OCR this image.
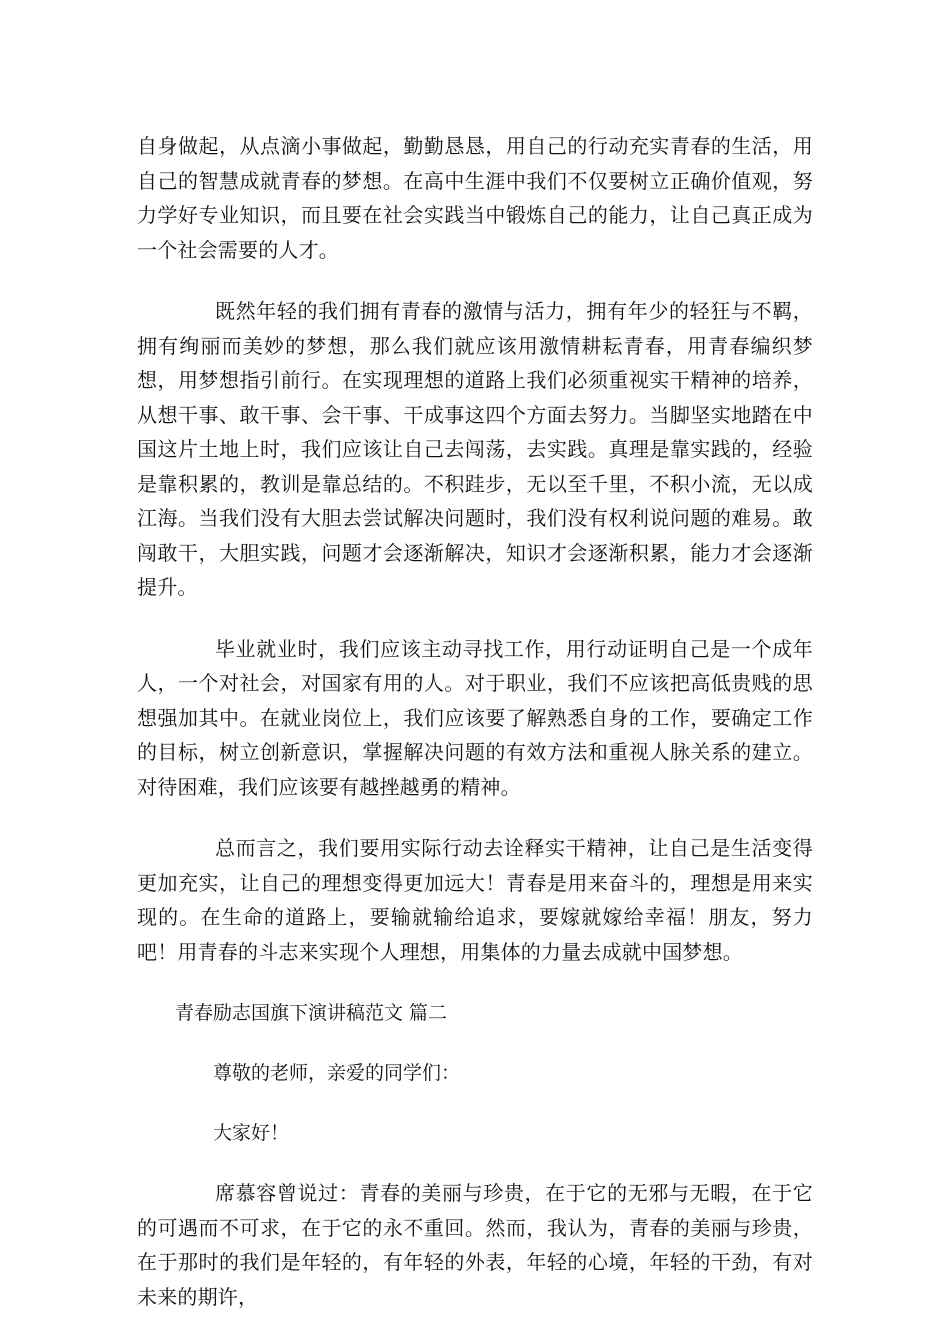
自身做起，从点滴小事做起，勤勤恳恳，用自己的行动充实青春的生活，用自己的智慧成就青春的梦想。在高中生涯中我们不仅要树立正确价值观，努力学好专业知识，而且要在社会实践当中锻炼自己的能力，让自己真正成为一个社会需要的人才。

既然年轻的我们拥有青春的激情与活力，拥有年少的轻狂与不羁，拥有绚丽而美妙的梦想，那么我们就应该用激情耕耘青春，用青春编织梦想，用梦想指引前行。在实现理想的道路上我们必须重视实干精神的培养，从想干事、敢干事、会干事、干成事这四个方面去努力。当脚坚实地踏在中国这片土地上时，我们应该让自己去闯荡，去实践。真理是靠实践的，经验是靠积累的，教训是靠总结的。不积跬步，无以至千里，不积小流，无以成江海。当我们没有大胆去尝试解决问题时，我们没有权利说问题的难易。敢闯敢干，大胆实践，问题才会逐渐解决，知识才会逐渐积累，能力才会逐渐提升。

毕业就业时，我们应该主动寻找工作，用行动证明自己是一个成年人，一个对社会，对国家有用的人。对于职业，我们不应该把高低贵贱的思想强加其中。在就业岗位上，我们应该要了解熟悉自身的工作，要确定工作的目标，树立创新意识，掌握解决问题的有效方法和重视人脉关系的建立。对待困难，我们应该要有越挫越勇的精神。

总而言之，我们要用实际行动去诠释实干精神，让自己是生活变得更加充实，让自己的理想变得更加远大！青春是用来奋斗的，理想是用来实现的。在生命的道路上，要输就输给追求，要嫁就嫁给幸福！朋友，努力吧！用青春的斗志来实现个人理想，用集体的力量去成就中国梦想。

青春励志国旗下演讲稿范文 篇二
尊敬的老师，亲爱的同学们：
大家好！

席慕容曾说过：青春的美丽与珍贵，在于它的无邪与无暇，在于它的可遇而不可求，在于它的永不重回。然而，我认为，青春的美丽与珍贵，在于那时的我们是年轻的，有年轻的外表，年轻的心境，年轻的干劲，有对未来的期许，
